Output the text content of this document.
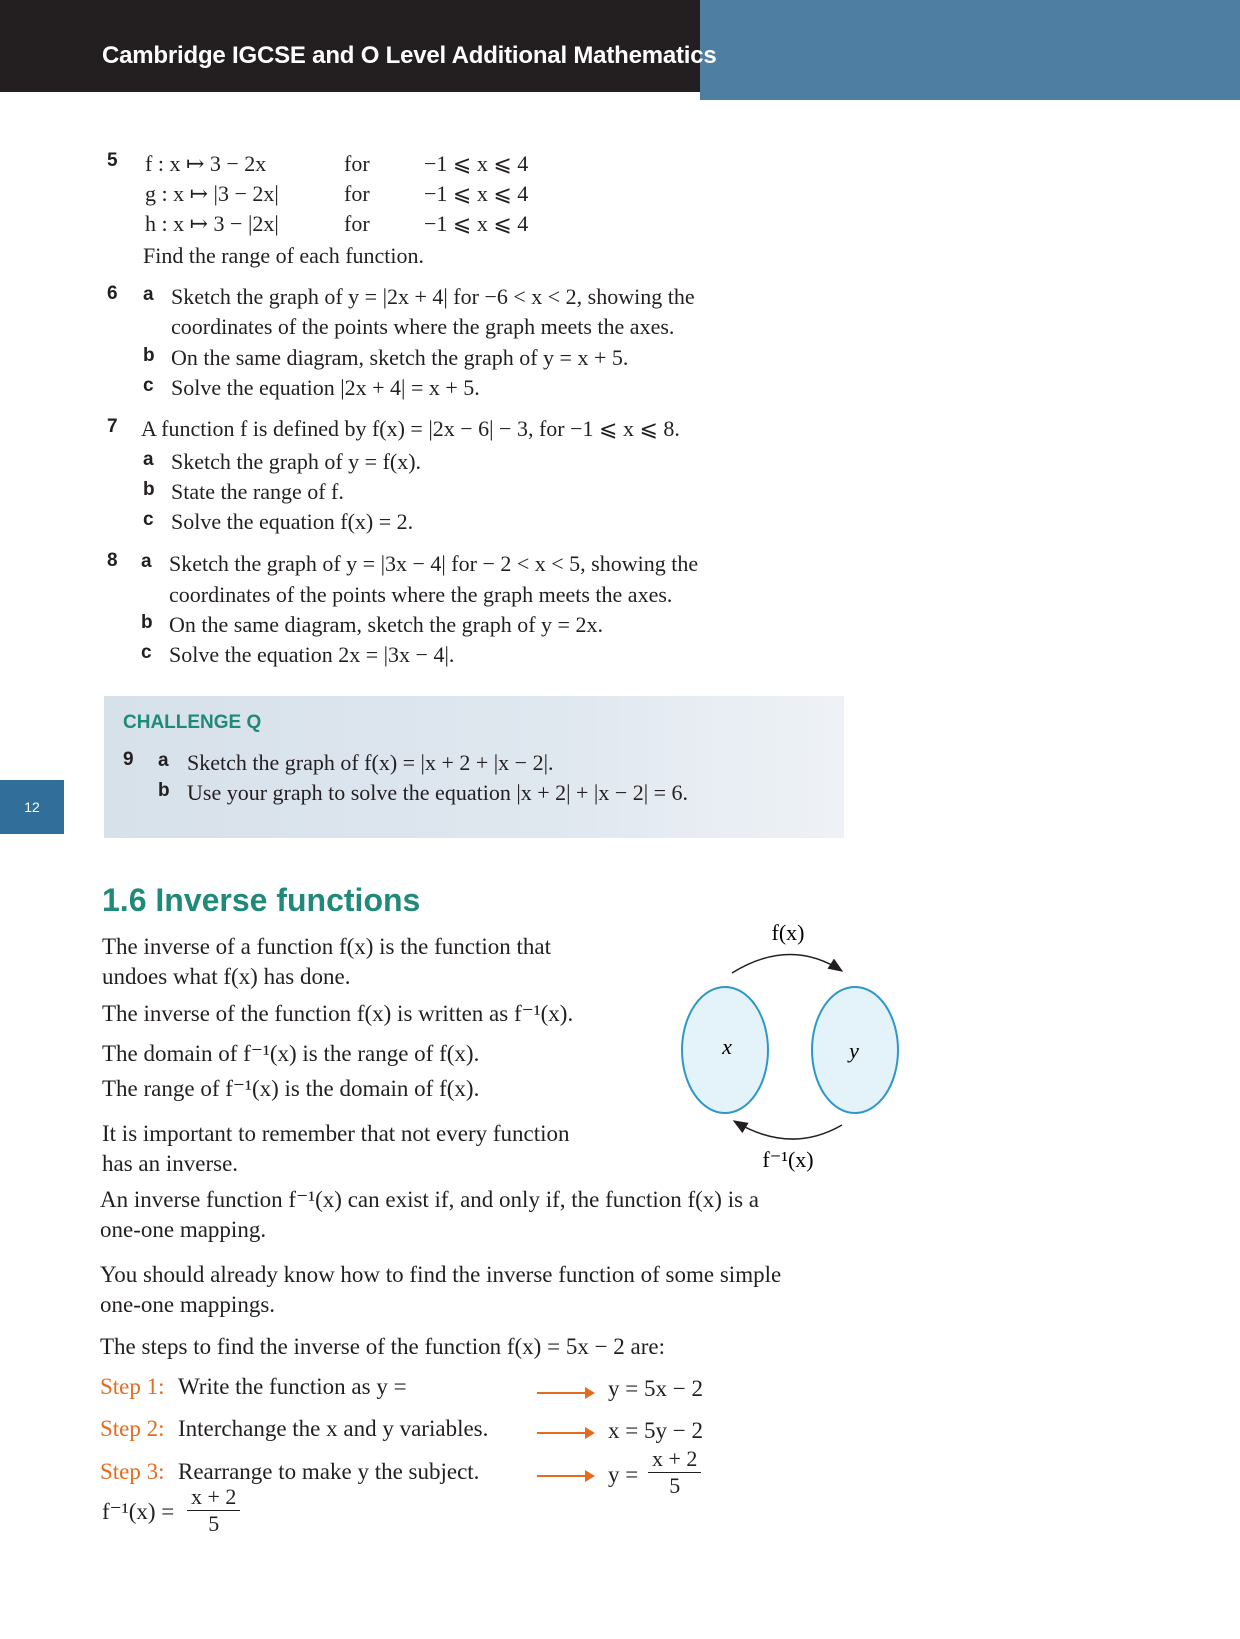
Cambridge IGCSE and O Level Additional Mathematics
12
5 f : x ↦ 3 − 2x	for −1 ⩽ x ⩽ 4
g : x ↦ |3 − 2x|	for −1 ⩽ x ⩽ 4
h : x ↦ 3 − |2x|	for −1 ⩽ x ⩽ 4
Find the range of each function.
6 a Sketch the graph of y = |2x + 4| for −6 < x < 2, showing the
coordinates of the points where the graph meets the axes.
b On the same diagram, sketch the graph of y = x + 5.
c Solve the equation |2x + 4| = x + 5.
7 A function f is defined by f(x) = |2x − 6| − 3, for −1 ⩽ x ⩽ 8.
a Sketch the graph of y = f(x).
b State the range of f.
c Solve the equation f(x) = 2.
8 a Sketch the graph of y = |3x − 4| for − 2 < x < 5, showing the
coordinates of the points where the graph meets the axes.
b On the same diagram, sketch the graph of y = 2x.
c Solve the equation 2x = |3x − 4|.
CHALLENGE Q
9 a Sketch the graph of f(x) = |x + 2 + |x − 2|.
b Use your graph to solve the equation |x + 2| + |x − 2| = 6.
1.6 Inverse functions
The inverse of a function f(x) is the function that
undoes what f(x) has done.
The inverse of the function f(x) is written as f⁻¹(x).
The domain of f⁻¹(x) is the range of f(x).
The range of f⁻¹(x) is the domain of f(x).
It is important to remember that not every function
has an inverse.
An inverse function f⁻¹(x) can exist if, and only if, the function f(x) is a
one-one mapping.
You should already know how to find the inverse function of some simple
one-one mappings.
The steps to find the inverse of the function f(x) = 5x − 2 are:
f(x)
x	y
f⁻¹(x)
Step 1: Write the function as y =	y = 5x − 2
Step 2: Interchange the x and y variables.	x = 5y − 2
Step 3: Rearrange to make y the subject.	$y = \frac{x + 2}{5}$
$f^{-1}(x) = \frac{x + 2}{5}$
